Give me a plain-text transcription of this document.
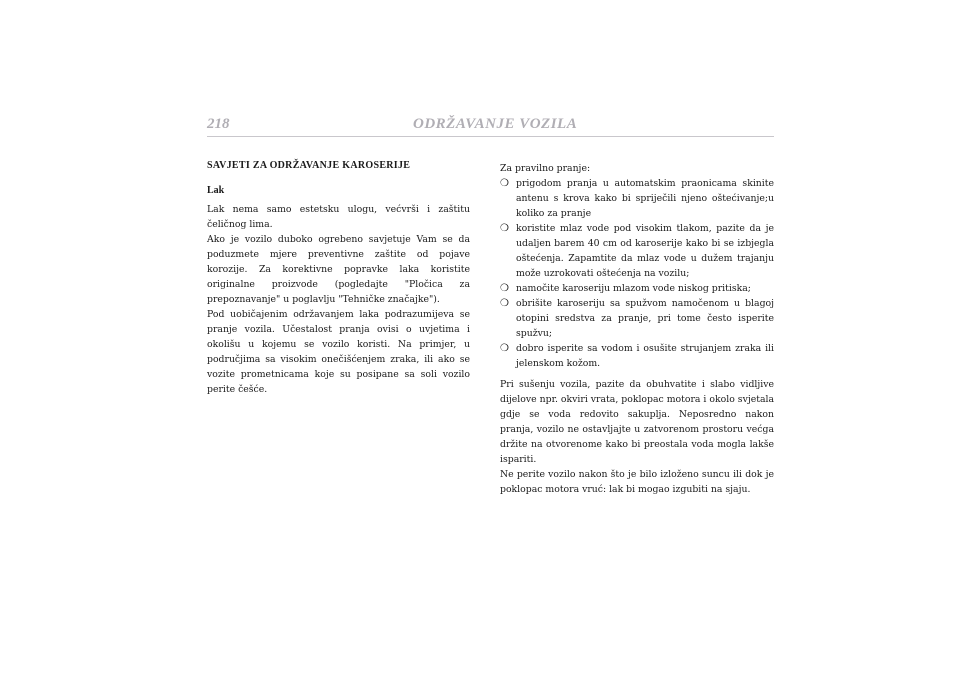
218	ODRŽAVANJE VOZILA
SAVJETI ZA ODRŽAVANJE KAROSERIJE
Lak

Lak nema samo estetsku ulogu, većvrši i zaštitu čeličnog lima.

Ako je vozilo duboko ogrebeno savjetuje Vam se da poduzmete mjere preventivne zaštite od pojave korozije. Za korektivne popravke laka koristite originalne proizvode (pogledajte "Pločica za prepoznavanje" u poglavlju "Tehničke značajke").

Pod uobičajenim održavanjem laka podrazumijeva se pranje vozila. Učestalost pranja ovisi o uvjetima i okolišu u kojemu se vozilo koristi. Na primjer, u područjima sa visokim onečišćenjem zraka, ili ako se vozite prometnicama koje su posipane sa soli vozilo perite češće.

Za pravilno pranje:

❍ prigodom pranja u automatskim praonicama skinite antenu s krova kako bi spriječili njeno oštećivanje;u koliko za pranje
❍ koristite mlaz vode pod visokim tlakom, pazite da je udaljen barem 40 cm od karoserije kako bi se izbjegla oštećenja. Zapamtite da mlaz vode u dužem trajanju može uzrokovati oštećenja na vozilu;
❍ namočite karoseriju mlazom vode niskog pritiska;
❍ obrišite karoseriju sa spužvom namočenom u blagoj otopini sredstva za pranje, pri tome često isperite spužvu;
❍ dobro isperite sa vodom i osušite strujanjem zraka ili jelenskom kožom.

Pri sušenju vozila, pazite da obuhvatite i slabo vidljive dijelove npr. okviri vrata, poklopac motora i okolo svjetala gdje se voda redovito sakuplja. Neposredno nakon pranja, vozilo ne ostavljajte u zatvorenom prostoru većga držite na otvorenome kako bi preostala voda mogla lakše ispariti.

Ne perite vozilo nakon što je bilo izloženo suncu ili dok je poklopac motora vruć: lak bi mogao izgubiti na sjaju.
